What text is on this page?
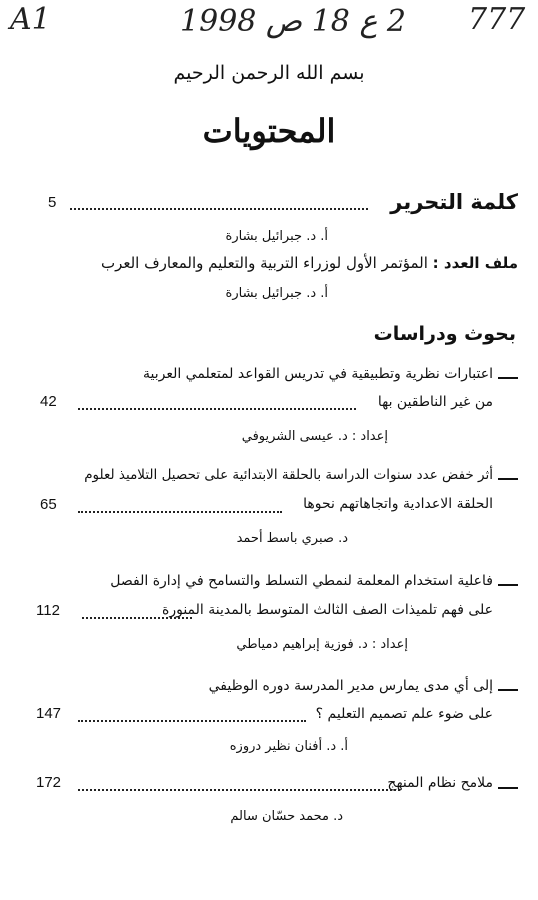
A1	2 ع 18 ص 1998	777
بسم الله الرحمن الرحيم
المحتويات
كلمة التحرير
5
أ. د. جبرائيل بشارة
ملف العدد : المؤتمر الأول لوزراء التربية والتعليم والمعارف العرب
أ. د. جبرائيل بشارة
بحوث ودراسات
اعتبارات نظرية وتطبيقية في تدريس القواعد لمتعلمي العربية
من غير الناطقين بها
42
إعداد : د. عيسى الشريوفي
أثر خفض عدد سنوات الدراسة بالحلقة الابتدائية على تحصيل التلاميذ لعلوم
الحلقة الاعدادية واتجاهاتهم نحوها
65
د. صبري باسط أحمد
فاعلية استخدام المعلمة لنمطي التسلط والتسامح في إدارة الفصل
على فهم تلميذات الصف الثالث المتوسط بالمدينة المنورة
112
إعداد : د. فوزية إبراهيم دمياطي
إلى أي مدى يمارس مدير المدرسة دوره الوظيفي
على ضوء علم تصميم التعليم ؟
147
أ. د. أفنان نظير دروزه
ملامح نظام المنهج
172
د. محمد حسّان سالم
